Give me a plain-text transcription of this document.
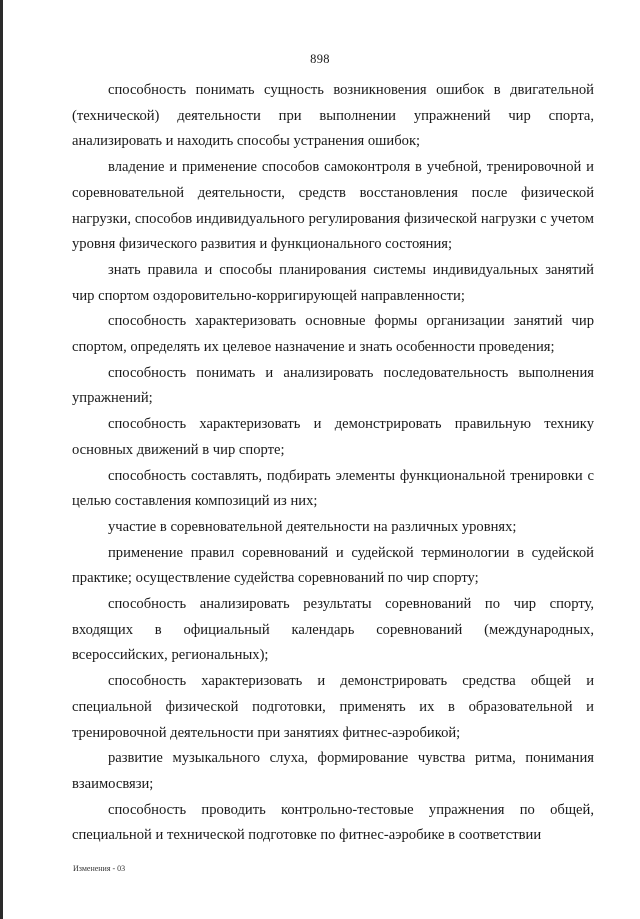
898

способность понимать сущность возникновения ошибок в двигательной (технической) деятельности при выполнении упражнений чир спорта, анализировать и находить способы устранения ошибок;

владение и применение способов самоконтроля в учебной, тренировочной и соревновательной деятельности, средств восстановления после физической нагрузки, способов индивидуального регулирования физической нагрузки с учетом уровня физического развития и функционального состояния;

знать правила и способы планирования системы индивидуальных занятий чир спортом оздоровительно-корригирующей направленности;

способность характеризовать основные формы организации занятий чир спортом, определять их целевое назначение и знать особенности проведения;

способность понимать и анализировать последовательность выполнения упражнений;

способность характеризовать и демонстрировать правильную технику основных движений в чир спорте;

способность составлять, подбирать элементы функциональной тренировки с целью составления композиций из них;

участие в соревновательной деятельности на различных уровнях;

применение правил соревнований и судейской терминологии в судейской практике; осуществление судейства соревнований по чир спорту;

способность анализировать результаты соревнований по чир спорту, входящих в официальный календарь соревнований (международных, всероссийских, региональных);

способность характеризовать и демонстрировать средства общей и специальной физической подготовки, применять их в образовательной и тренировочной деятельности при занятиях фитнес-аэробикой;

развитие музыкального слуха, формирование чувства ритма, понимания взаимосвязи;

способность проводить контрольно-тестовые упражнения по общей, специальной и технической подготовке по фитнес-аэробике в соответствии

Изменения - 03
